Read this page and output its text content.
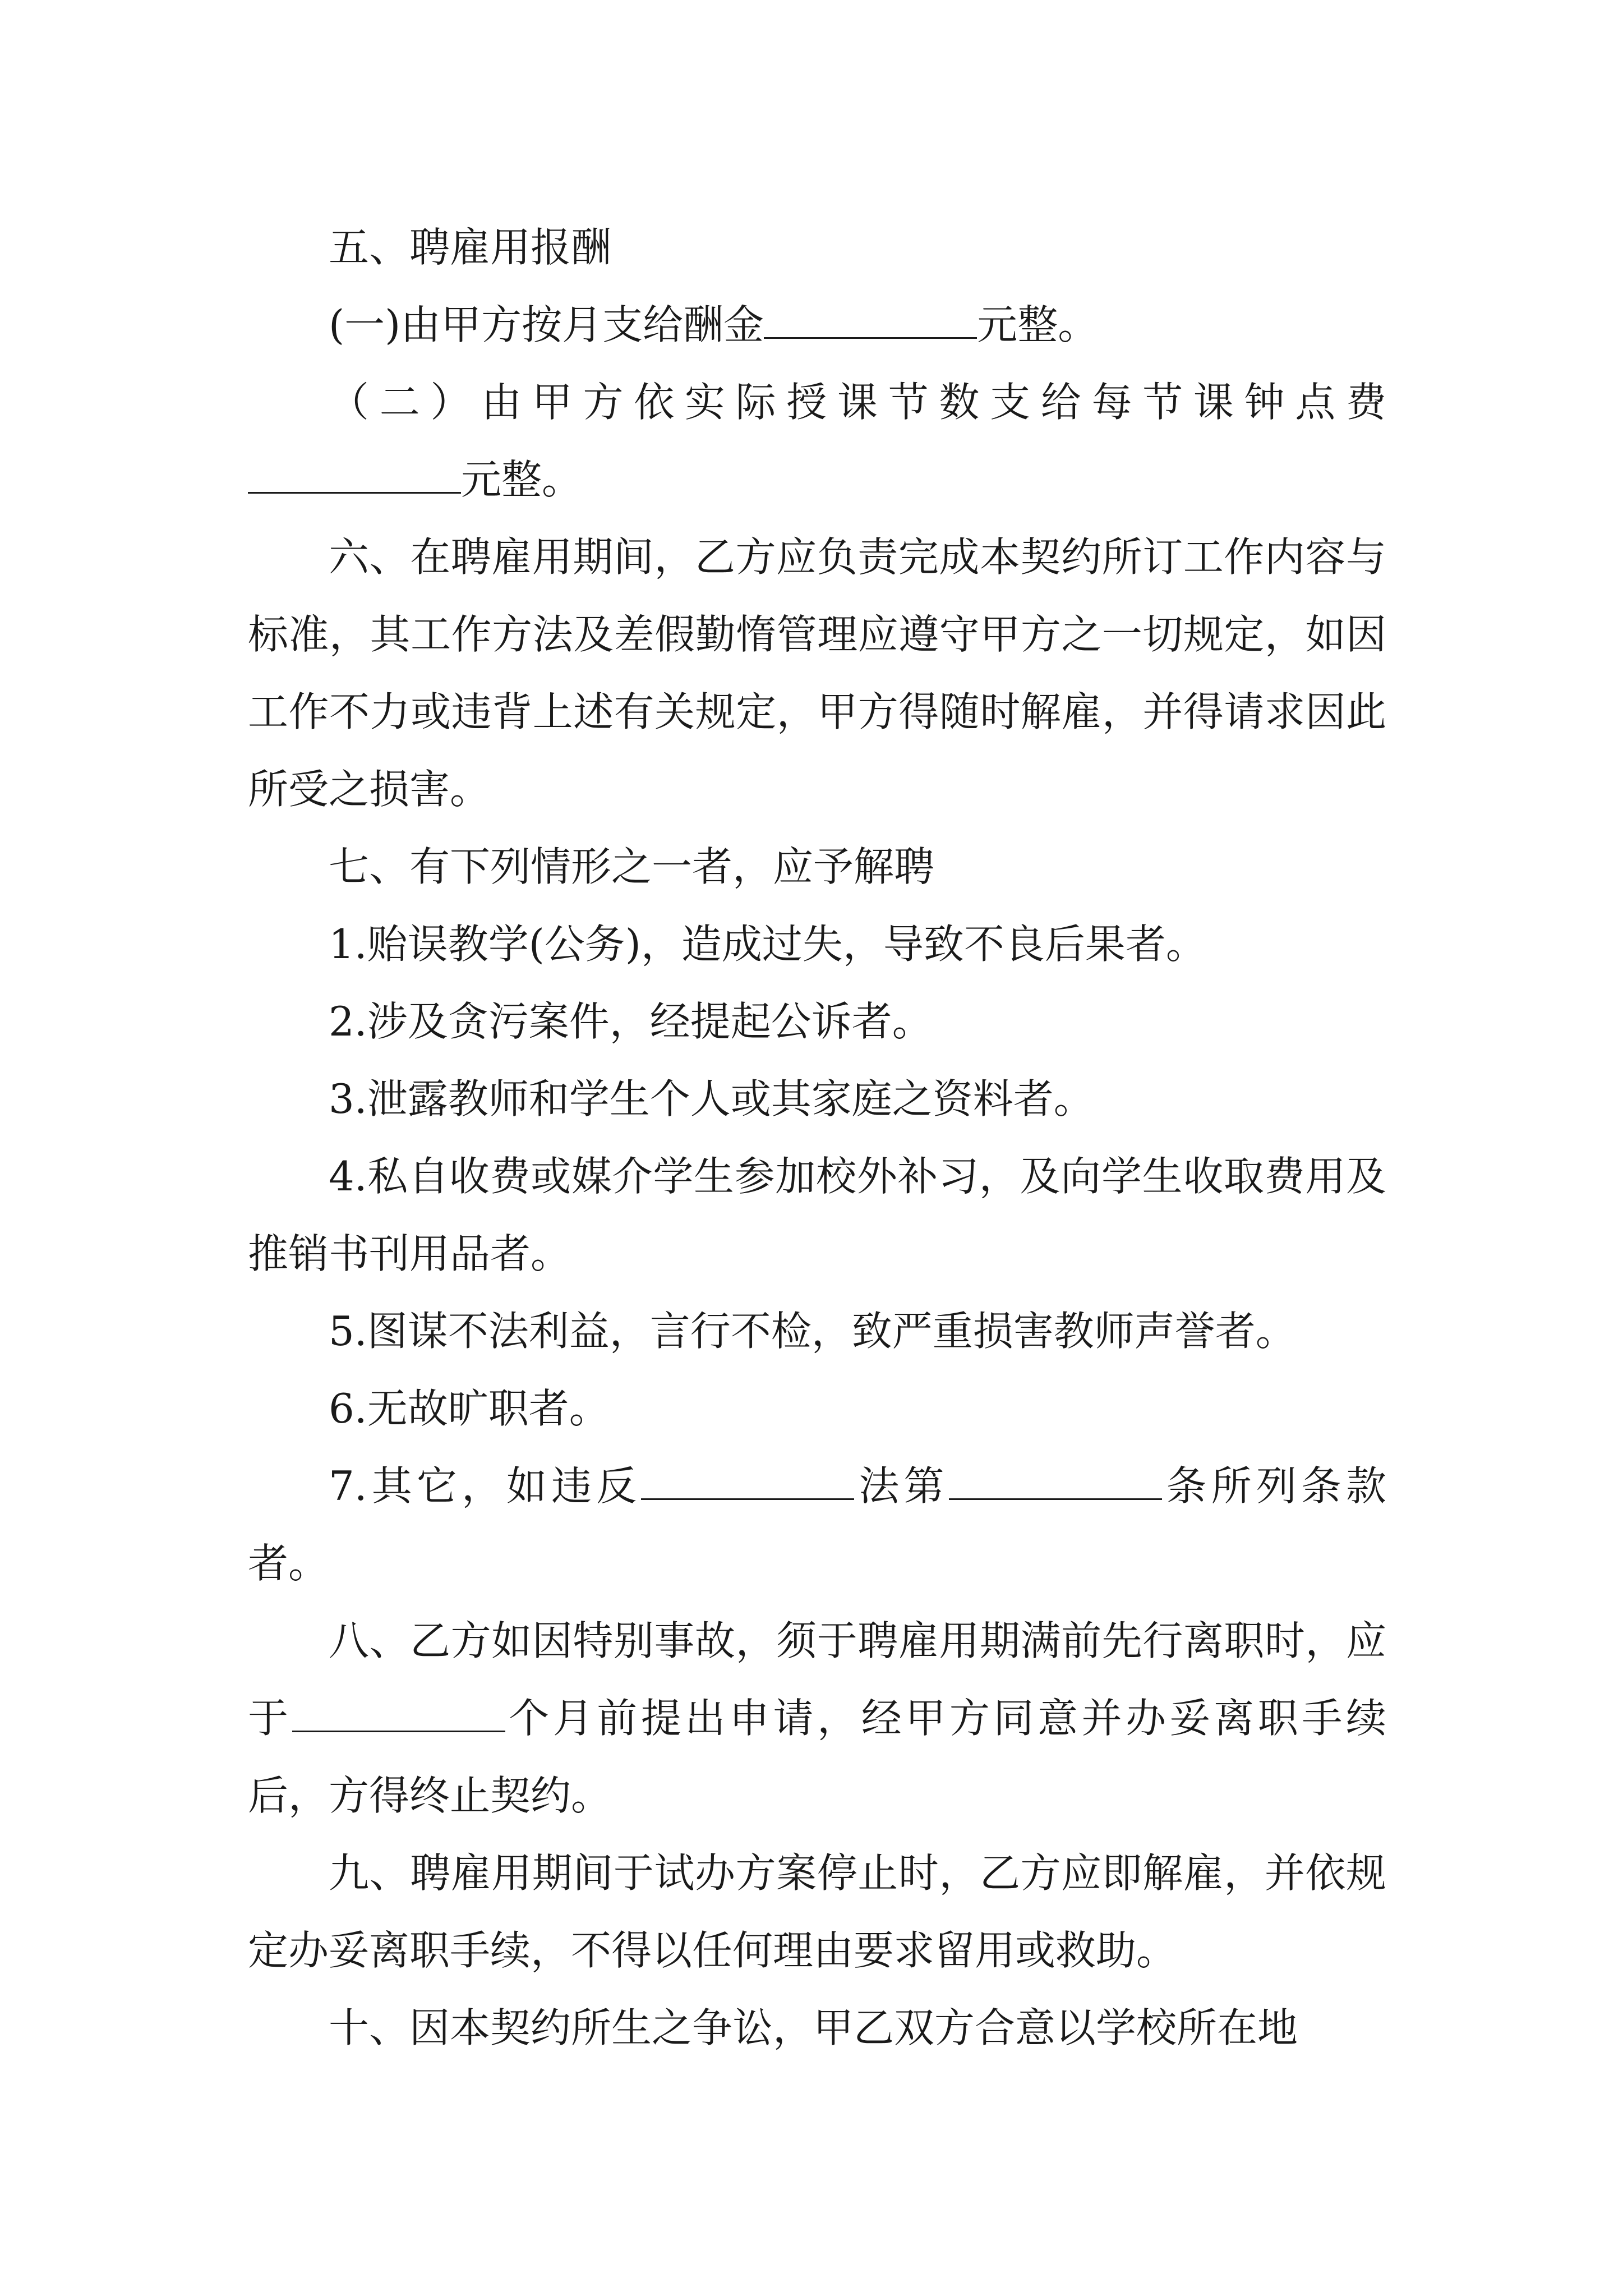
五、聘雇用报酬

(一)由甲方按月支给酬金	元整。

（二）由甲方依实际授课节数支给每节课钟点费元整。

六、在聘雇用期间，乙方应负责完成本契约所订工作内容与标准，其工作方法及差假勤惰管理应遵守甲方之一切规定，如因工作不力或违背上述有关规定，甲方得随时解雇，并得请求因此所受之损害。

七、有下列情形之一者，应予解聘

1.贻误教学(公务)，造成过失，导致不良后果者。

2.涉及贪污案件，经提起公诉者。

3.泄露教师和学生个人或其家庭之资料者。

4.私自收费或媒介学生参加校外补习，及向学生收取费用及推销书刊用品者。

5.图谋不法利益，言行不检，致严重损害教师声誉者。

6.无故旷职者。

7.其它，如违反	法第	条所列条款者。

八、乙方如因特别事故，须于聘雇用期满前先行离职时，应于	个月前提出申请，经甲方同意并办妥离职手续后，方得终止契约。

九、聘雇用期间于试办方案停止时，乙方应即解雇，并依规定办妥离职手续，不得以任何理由要求留用或救助。

十、因本契约所生之争讼，甲乙双方合意以学校所在地
